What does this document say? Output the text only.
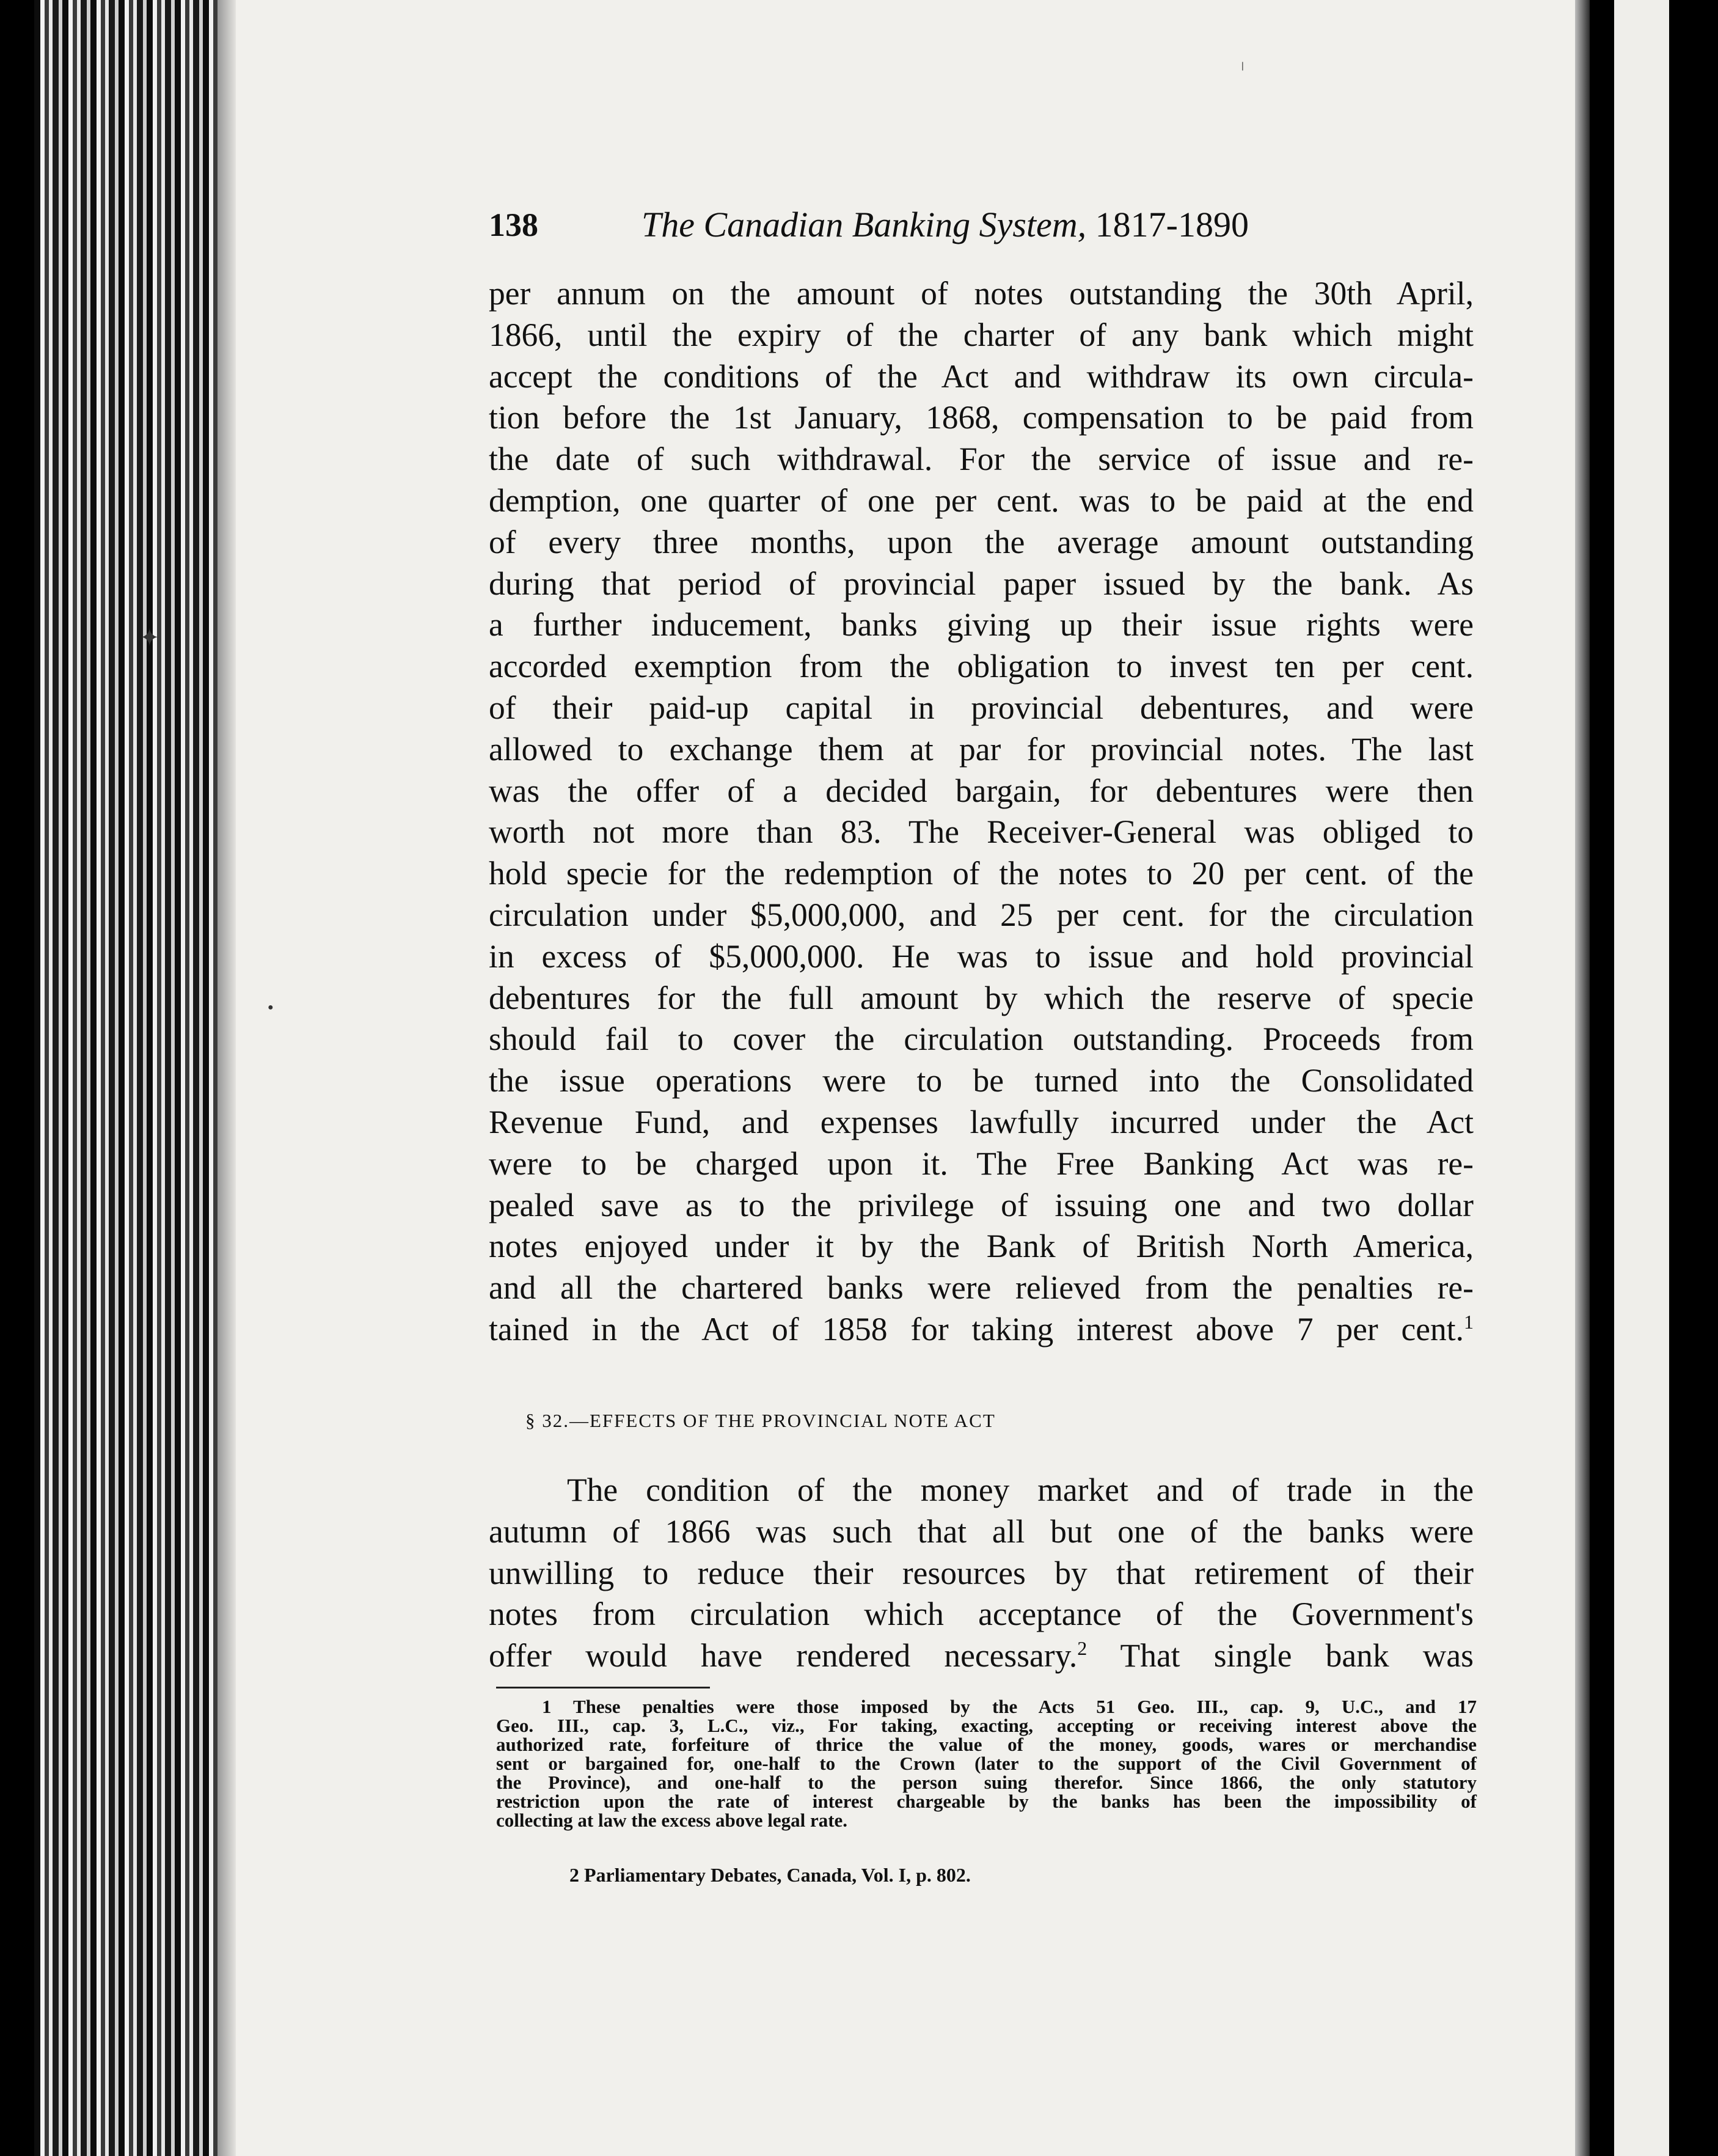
✦
●
❘
138	The Canadian Banking System, 1817-1890
per annum on the amount of notes outstanding the 30th April,
1866, until the expiry of the charter of any bank which might
accept the conditions of the Act and withdraw its own circula-
tion before the 1st January, 1868, compensation to be paid from
the date of such withdrawal. For the service of issue and re-
demption, one quarter of one per cent. was to be paid at the end
of every three months, upon the average amount outstanding
during that period of provincial paper issued by the bank. As
a further inducement, banks giving up their issue rights were
accorded exemption from the obligation to invest ten per cent.
of their paid-up capital in provincial debentures, and were
allowed to exchange them at par for provincial notes. The last
was the offer of a decided bargain, for debentures were then
worth not more than 83. The Receiver-General was obliged to
hold specie for the redemption of the notes to 20 per cent. of the
circulation under $5,000,000, and 25 per cent. for the circulation
in excess of $5,000,000. He was to issue and hold provincial
debentures for the full amount by which the reserve of specie
should fail to cover the circulation outstanding. Proceeds from
the issue operations were to be turned into the Consolidated
Revenue Fund, and expenses lawfully incurred under the Act
were to be charged upon it. The Free Banking Act was re-
pealed save as to the privilege of issuing one and two dollar
notes enjoyed under it by the Bank of British North America,
and all the chartered banks were relieved from the penalties re-
tained in the Act of 1858 for taking interest above 7 per cent.$^1$
§ 32.—EFFECTS OF THE PROVINCIAL NOTE ACT
The condition of the money market and of trade in the
autumn of 1866 was such that all but one of the banks were
unwilling to reduce their resources by that retirement of their
notes from circulation which acceptance of the Government's
offer would have rendered necessary.$^2$ That single bank was
1 These penalties were those imposed by the Acts 51 Geo. III., cap. 9, U.C., and 17
Geo. III., cap. 3, L.C., viz., For taking, exacting, accepting or receiving interest above the
authorized rate, forfeiture of thrice the value of the money, goods, wares or merchandise
sent or bargained for, one-half to the Crown (later to the support of the Civil Government of
the Province), and one-half to the person suing therefor. Since 1866, the only statutory
restriction upon the rate of interest chargeable by the banks has been the impossibility of
collecting at law the excess above legal rate.
2 Parliamentary Debates, Canada, Vol. I, p. 802.
